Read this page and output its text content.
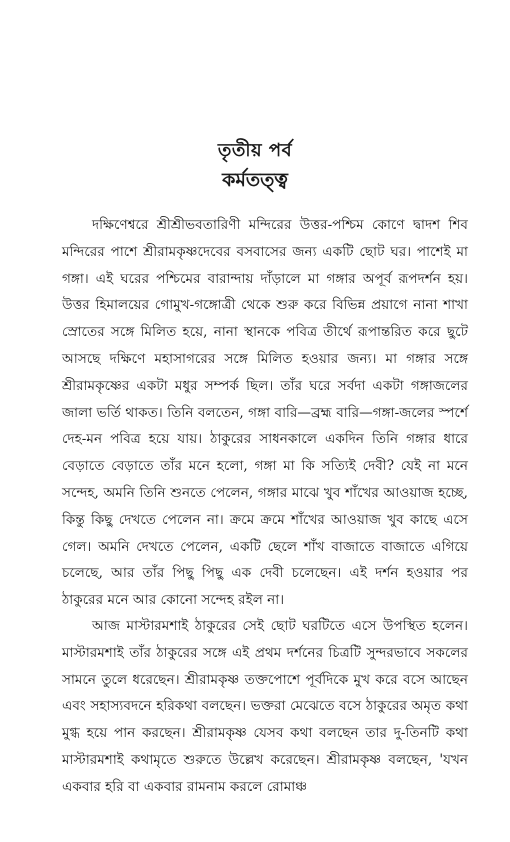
তৃতীয় পর্ব
কর্মতত্ত্ব

দক্ষিণেশ্বরে শ্রীশ্রীভবতারিণী মন্দিরের উত্তর-পশ্চিম কোণে দ্বাদশ শিব মন্দিরের পাশে শ্রীরামকৃষ্ণদেবের বসবাসের জন্য একটি ছোট ঘর। পাশেই মা গঙ্গা। এই ঘরের পশ্চিমের বারান্দায় দাঁড়ালে মা গঙ্গার অপূর্ব রূপদর্শন হয়। উত্তর হিমালয়ের গোমুখ-গঙ্গোত্রী থেকে শুরু করে বিভিন্ন প্রয়াগে নানা শাখা স্রোতের সঙ্গে মিলিত হয়ে, নানা স্থানকে পবিত্র তীর্থে রূপান্তরিত করে ছুটে আসছে দক্ষিণে মহাসাগরের সঙ্গে মিলিত হওয়ার জন্য। মা গঙ্গার সঙ্গে শ্রীরামকৃষ্ণের একটা মধুর সম্পর্ক ছিল। তাঁর ঘরে সর্বদা একটা গঙ্গাজলের জালা ভর্তি থাকত। তিনি বলতেন, গঙ্গা বারি—ব্রহ্ম বারি—গঙ্গা-জলের স্পর্শে দেহ-মন পবিত্র হয়ে যায়। ঠাকুরের সাধনকালে একদিন তিনি গঙ্গার ধারে বেড়াতে বেড়াতে তাঁর মনে হলো, গঙ্গা মা কি সত্যিই দেবী? যেই না মনে সন্দেহ, অমনি তিনি শুনতে পেলেন, গঙ্গার মাঝে খুব শাঁখের আওয়াজ হচ্ছে, কিন্তু কিছু দেখতে পেলেন না। ক্রমে ক্রমে শাঁখের আওয়াজ খুব কাছে এসে গেল। অমনি দেখতে পেলেন, একটি ছেলে শাঁখ বাজাতে বাজাতে এগিয়ে চলেছে, আর তাঁর পিছু পিছু এক দেবী চলেছেন। এই দর্শন হওয়ার পর ঠাকুরের মনে আর কোনো সন্দেহ রইল না।

আজ মাস্টারমশাই ঠাকুরের সেই ছোট ঘরটিতে এসে উপস্থিত হলেন। মাস্টারমশাই তাঁর ঠাকুরের সঙ্গে এই প্রথম দর্শনের চিত্রটি সুন্দরভাবে সকলের সামনে তুলে ধরেছেন। শ্রীরামকৃষ্ণ তক্তপোশে পূর্বদিকে মুখ করে বসে আছেন এবং সহাস্যবদনে হরিকথা বলছেন। ভক্তরা মেঝেতে বসে ঠাকুরের অমৃত কথা মুগ্ধ হয়ে পান করছেন। শ্রীরামকৃষ্ণ যেসব কথা বলছেন তার দু-তিনটি কথা মাস্টারমশাই কথামৃতে শুরুতে উল্লেখ করেছেন। শ্রীরামকৃষ্ণ বলছেন, 'যখন একবার হরি বা একবার রামনাম করলে রোমাঞ্চ
